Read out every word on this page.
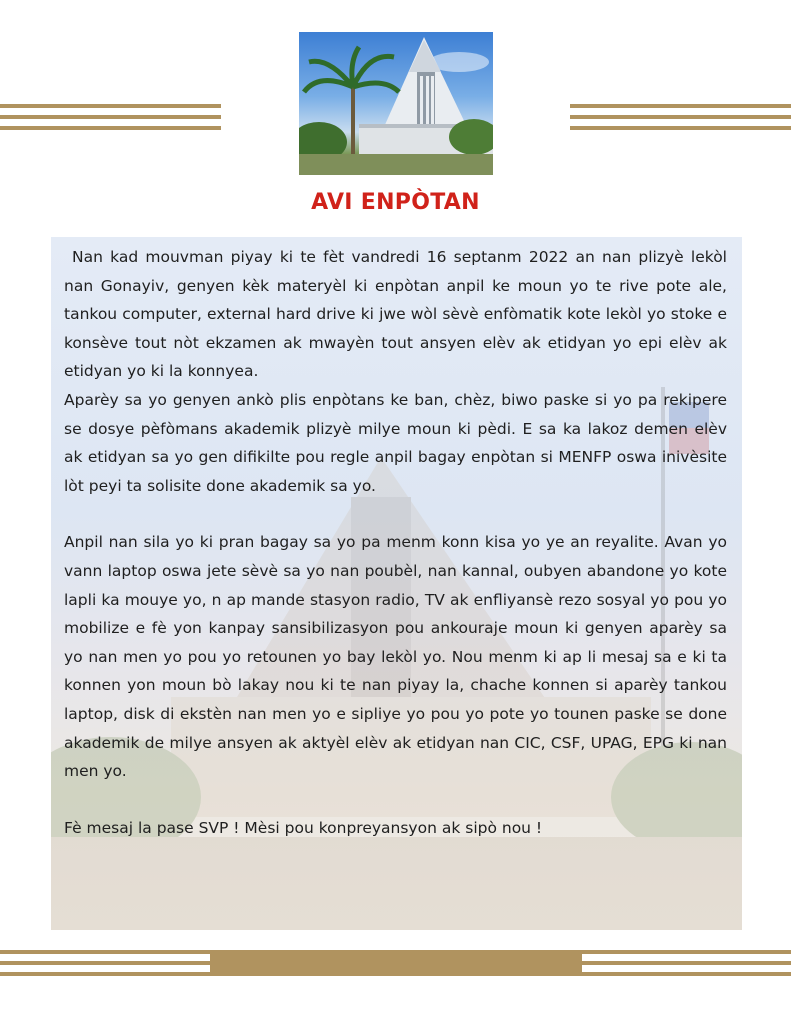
AVI ENPÒTAN

Nan kad mouvman piyay ki te fèt vandredi 16 septanm 2022 an nan plizyè lekòl nan Gonayiv, genyen kèk materyèl ki enpòtan anpil ke moun yo te rive pote ale, tankou computer, external hard drive ki jwe wòl sèvè enfòmatik kote lekòl yo stoke e konsève tout nòt ekzamen ak mwayèn tout ansyen elèv ak etidyan yo epi elèv ak etidyan yo ki la konnyea.

Aparèy sa yo genyen ankò plis enpòtans ke ban, chèz, biwo paske si yo pa rekipere se dosye pèfòmans akademik plizyè milye moun ki pèdi. E sa ka lakoz demen elèv ak etidyan sa yo gen difikilte pou regle anpil bagay enpòtan si MENFP oswa inivèsite lòt peyi ta solisite done akademik sa yo.

Anpil nan sila yo ki pran bagay sa yo pa menm konn kisa yo ye an reyalite. Avan yo vann laptop oswa jete sèvè sa yo nan poubèl, nan kannal, oubyen abandone yo kote lapli ka mouye yo, n ap mande stasyon radio, TV ak enfliyansè rezo sosyal yo pou yo mobilize e fè yon kanpay sansibilizasyon pou ankouraje moun ki genyen aparèy sa yo nan men yo pou yo retounen yo bay lekòl yo. Nou menm ki ap li mesaj sa e ki ta konnen yon moun bò lakay nou ki te nan piyay la, chache konnen si aparèy tankou laptop, disk di ekstèn nan men yo e sipliye yo pou yo pote yo tounen paske se done akademik de milye ansyen ak aktyèl elèv ak etidyan nan CIC, CSF, UPAG, EPG ki nan men yo.

Fè mesaj la pase SVP ! Mèsi pou konpreyansyon ak sipò nou !
